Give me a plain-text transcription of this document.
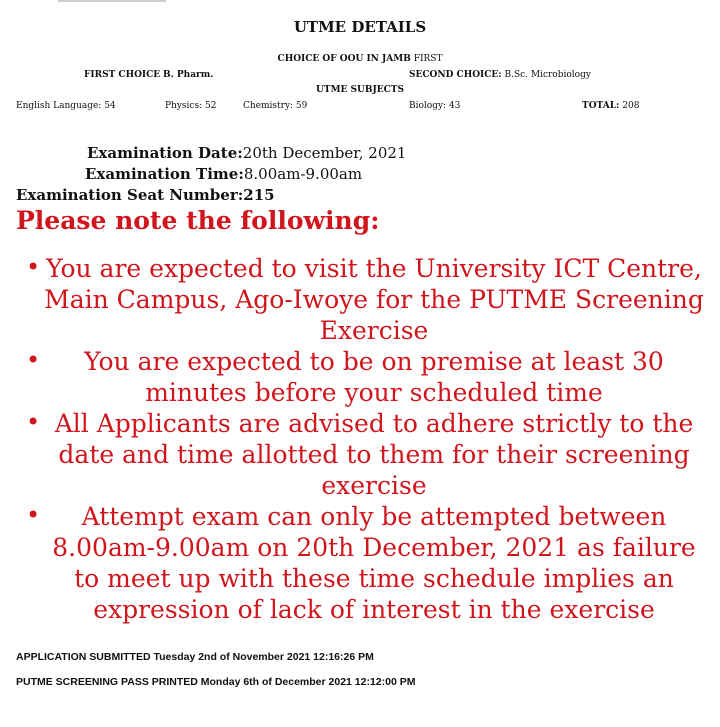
UTME DETAILS
CHOICE OF OOU IN JAMB FIRST
FIRST CHOICE B. Pharm.	SECOND CHOICE: B.Sc. Microbiology
UTME SUBJECTS
English Language: 54	Physics: 52	Chemistry: 59	Biology: 43	TOTAL: 208
Examination Date:20th December, 2021
Examination Time:8.00am-9.00am
Examination Seat Number:215
Please note the following:
• You are expected to visit the University ICT Centre, Main Campus, Ago-Iwoye for the PUTME Screening Exercise
• You are expected to be on premise at least 30 minutes before your scheduled time
• All Applicants are advised to adhere strictly to the date and time allotted to them for their screening exercise
• Attempt exam can only be attempted between 8.00am-9.00am on 20th December, 2021 as failure to meet up with these time schedule implies an expression of lack of interest in the exercise
APPLICATION SUBMITTED Tuesday 2nd of November 2021 12:16:26 PM
PUTME SCREENING PASS PRINTED Monday 6th of December 2021 12:12:00 PM
